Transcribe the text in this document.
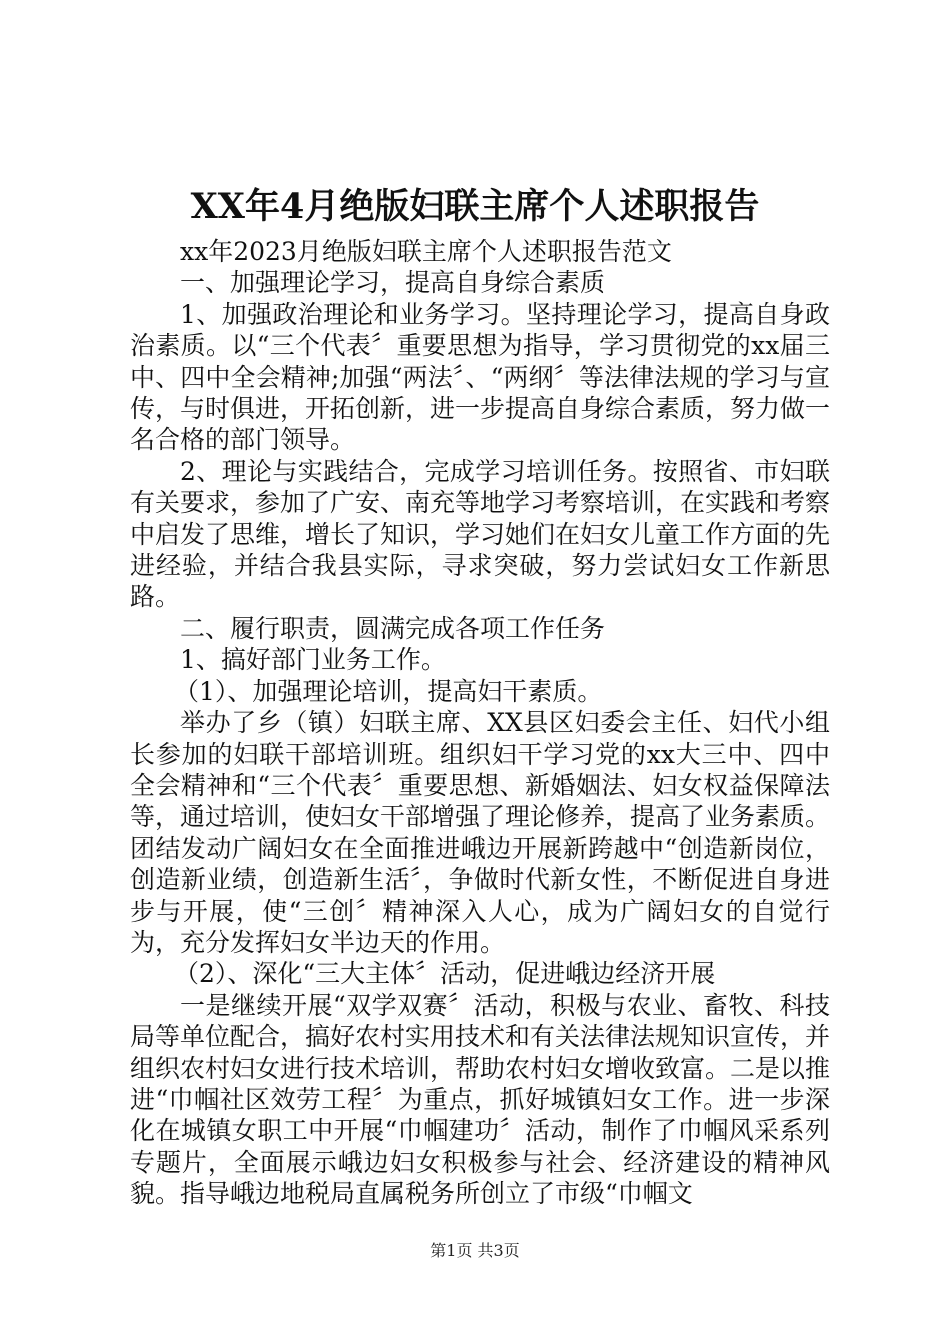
XX年4月绝版妇联主席个人述职报告

xx年2023月绝版妇联主席个人述职报告范文

一、加强理论学习，提高自身综合素质

1、加强政治理论和业务学习。坚持理论学习，提高自身政治素质。以“三个代表〞重要思想为指导，学习贯彻党的xx届三中、四中全会精神;加强“两法〞、“两纲〞等法律法规的学习与宣传，与时俱进，开拓创新，进一步提高自身综合素质，努力做一名合格的部门领导。

2、理论与实践结合，完成学习培训任务。按照省、市妇联有关要求，参加了广安、南充等地学习考察培训，在实践和考察中启发了思维，增长了知识，学习她们在妇女儿童工作方面的先进经验，并结合我县实际，寻求突破，努力尝试妇女工作新思路。

二、履行职责，圆满完成各项工作任务

1、搞好部门业务工作。

（1）、加强理论培训，提高妇干素质。

举办了乡（镇）妇联主席、XX县区妇委会主任、妇代小组长参加的妇联干部培训班。组织妇干学习党的xx大三中、四中全会精神和“三个代表〞重要思想、新婚姻法、妇女权益保障法等，通过培训，使妇女干部增强了理论修养，提高了业务素质。

团结发动广阔妇女在全面推进峨边开展新跨越中“创造新岗位，创造新业绩，创造新生活〞，争做时代新女性，不断促进自身进步与开展，使“三创〞精神深入人心，成为广阔妇女的自觉行为，充分发挥妇女半边天的作用。

（2）、深化“三大主体〞活动，促进峨边经济开展

一是继续开展“双学双赛〞活动，积极与农业、畜牧、科技局等单位配合，搞好农村实用技术和有关法律法规知识宣传，并组织农村妇女进行技术培训，帮助农村妇女增收致富。二是以推进“巾帼社区效劳工程〞为重点，抓好城镇妇女工作。进一步深化在城镇女职工中开展“巾帼建功〞活动，制作了巾帼风采系列专题片，全面展示峨边妇女积极参与社会、经济建设的精神风貌。指导峨边地税局直属税务所创立了市级“巾帼文

第1页 共3页
